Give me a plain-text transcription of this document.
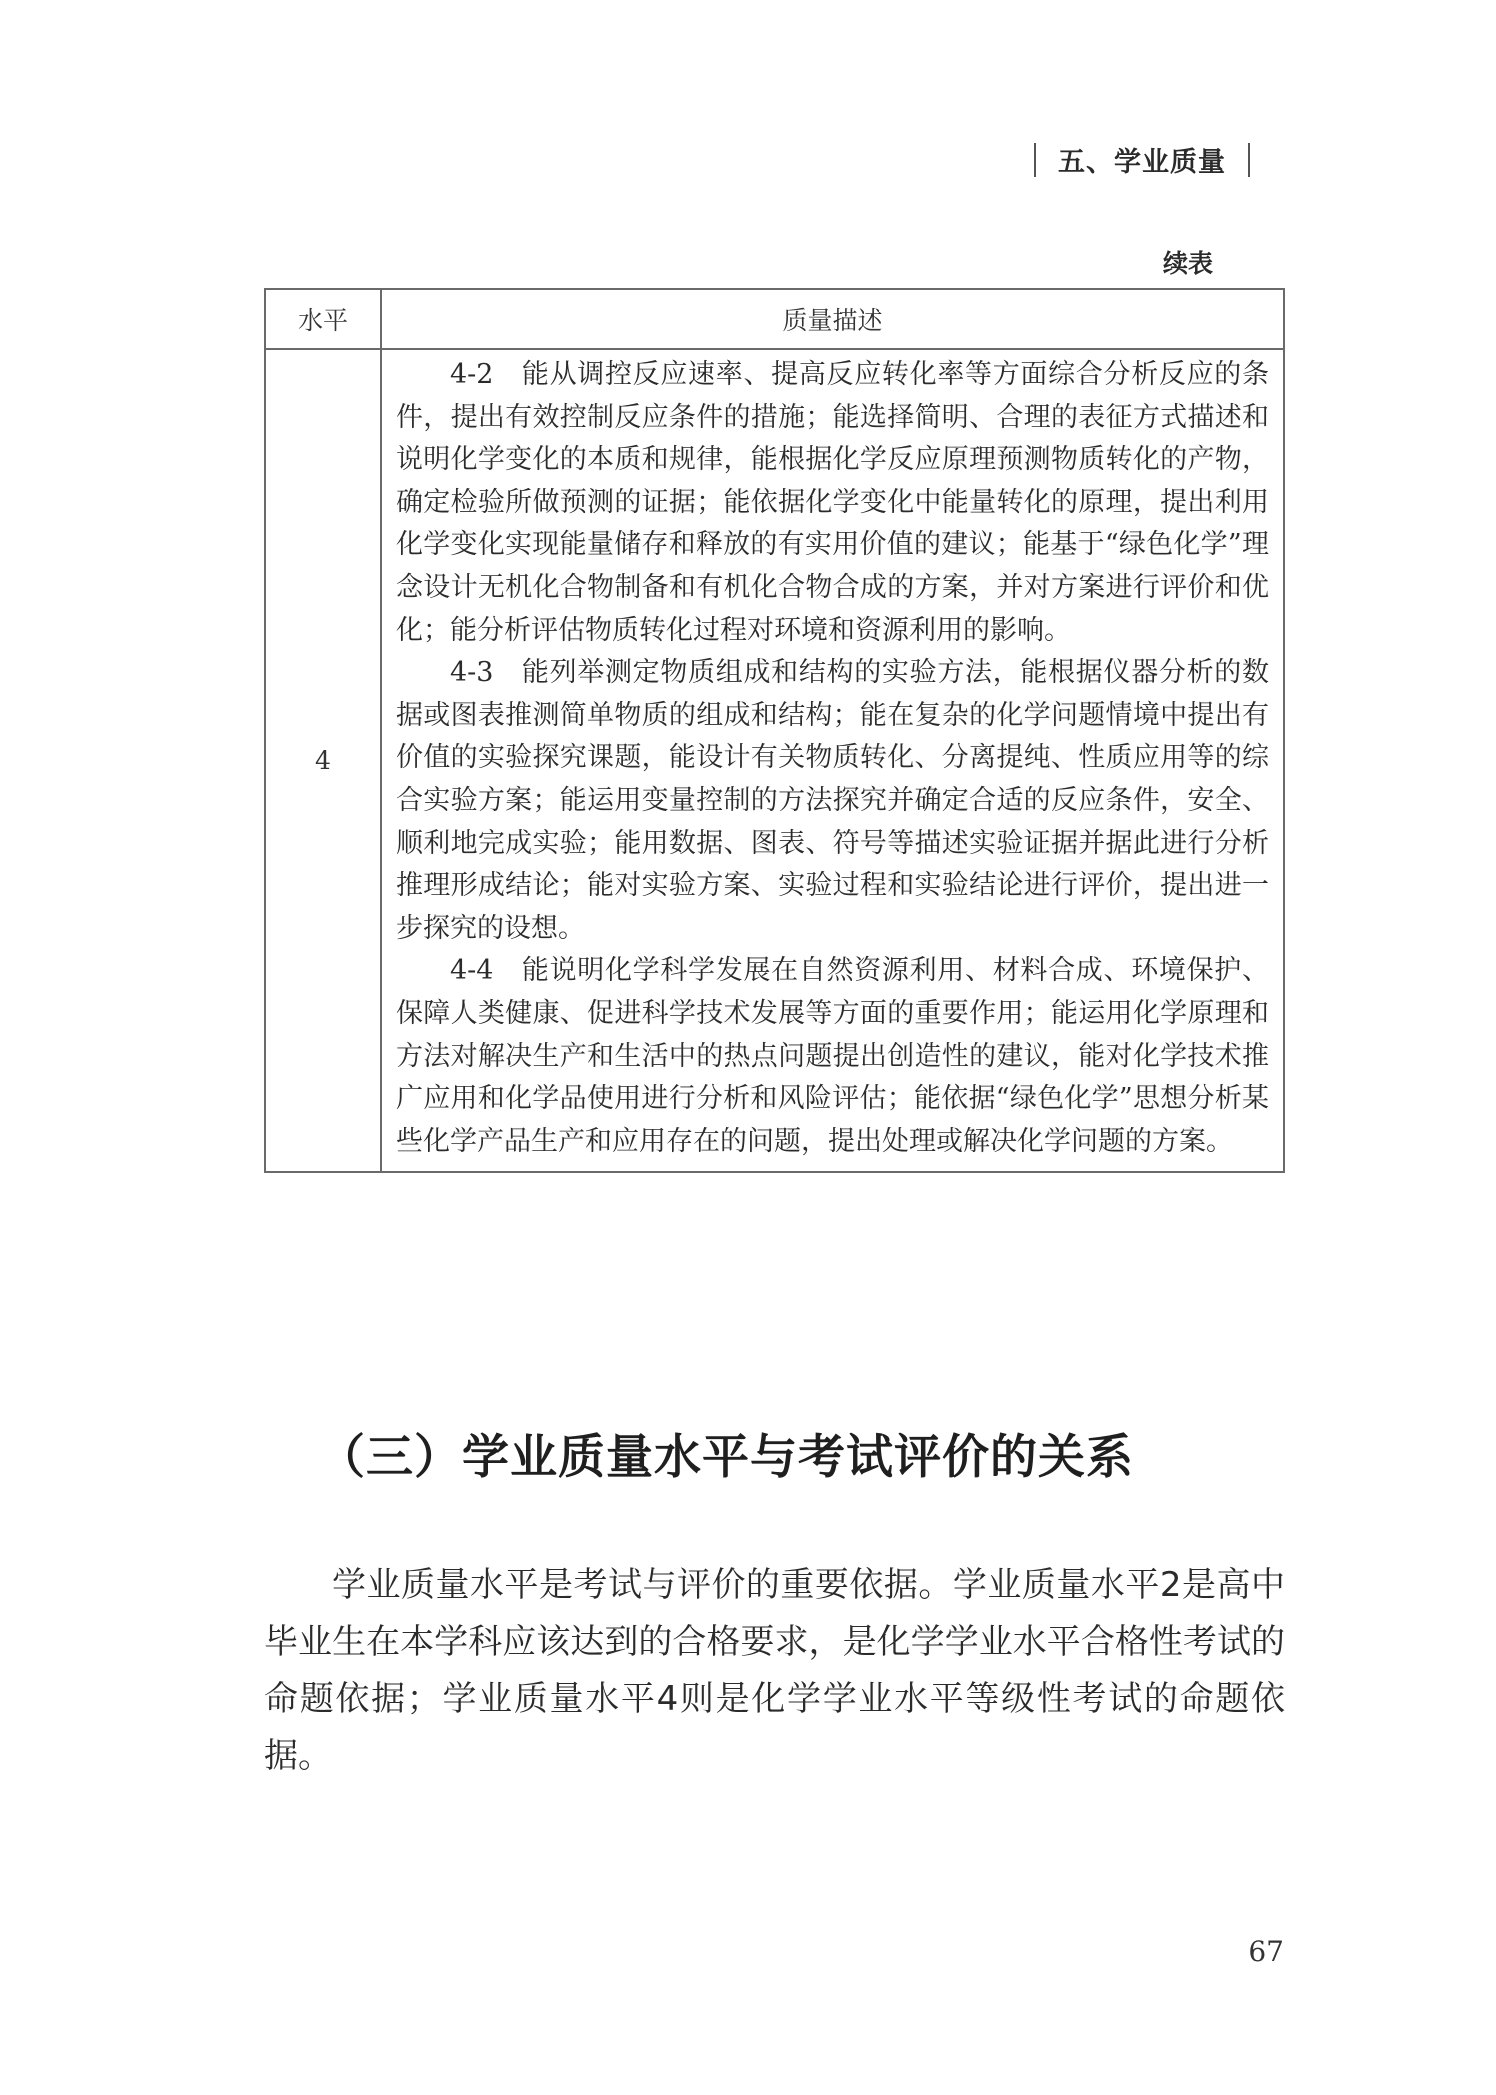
五、学业质量
续表
水平	质量描述
4	4-2　能从调控反应速率、提高反应转化率等方面综合分析反应的条件，提出有效控制反应条件的措施；能选择简明、合理的表征方式描述和说明化学变化的本质和规律，能根据化学反应原理预测物质转化的产物，确定检验所做预测的证据；能依据化学变化中能量转化的原理，提出利用化学变化实现能量储存和释放的有实用价值的建议；能基于“绿色化学”理念设计无机化合物制备和有机化合物合成的方案，并对方案进行评价和优化；能分析评估物质转化过程对环境和资源利用的影响。

4-3　能列举测定物质组成和结构的实验方法，能根据仪器分析的数据或图表推测简单物质的组成和结构；能在复杂的化学问题情境中提出有价值的实验探究课题，能设计有关物质转化、分离提纯、性质应用等的综合实验方案；能运用变量控制的方法探究并确定合适的反应条件，安全、顺利地完成实验；能用数据、图表、符号等描述实验证据并据此进行分析推理形成结论；能对实验方案、实验过程和实验结论进行评价，提出进一步探究的设想。

4-4　能说明化学科学发展在自然资源利用、材料合成、环境保护、保障人类健康、促进科学技术发展等方面的重要作用；能运用化学原理和方法对解决生产和生活中的热点问题提出创造性的建议，能对化学技术推广应用和化学品使用进行分析和风险评估；能依据“绿色化学”思想分析某些化学产品生产和应用存在的问题，提出处理或解决化学问题的方案。

（三）学业质量水平与考试评价的关系

学业质量水平是考试与评价的重要依据。学业质量水平2是高中毕业生在本学科应该达到的合格要求，是化学学业水平合格性考试的命题依据；学业质量水平4则是化学学业水平等级性考试的命题依据。

67
